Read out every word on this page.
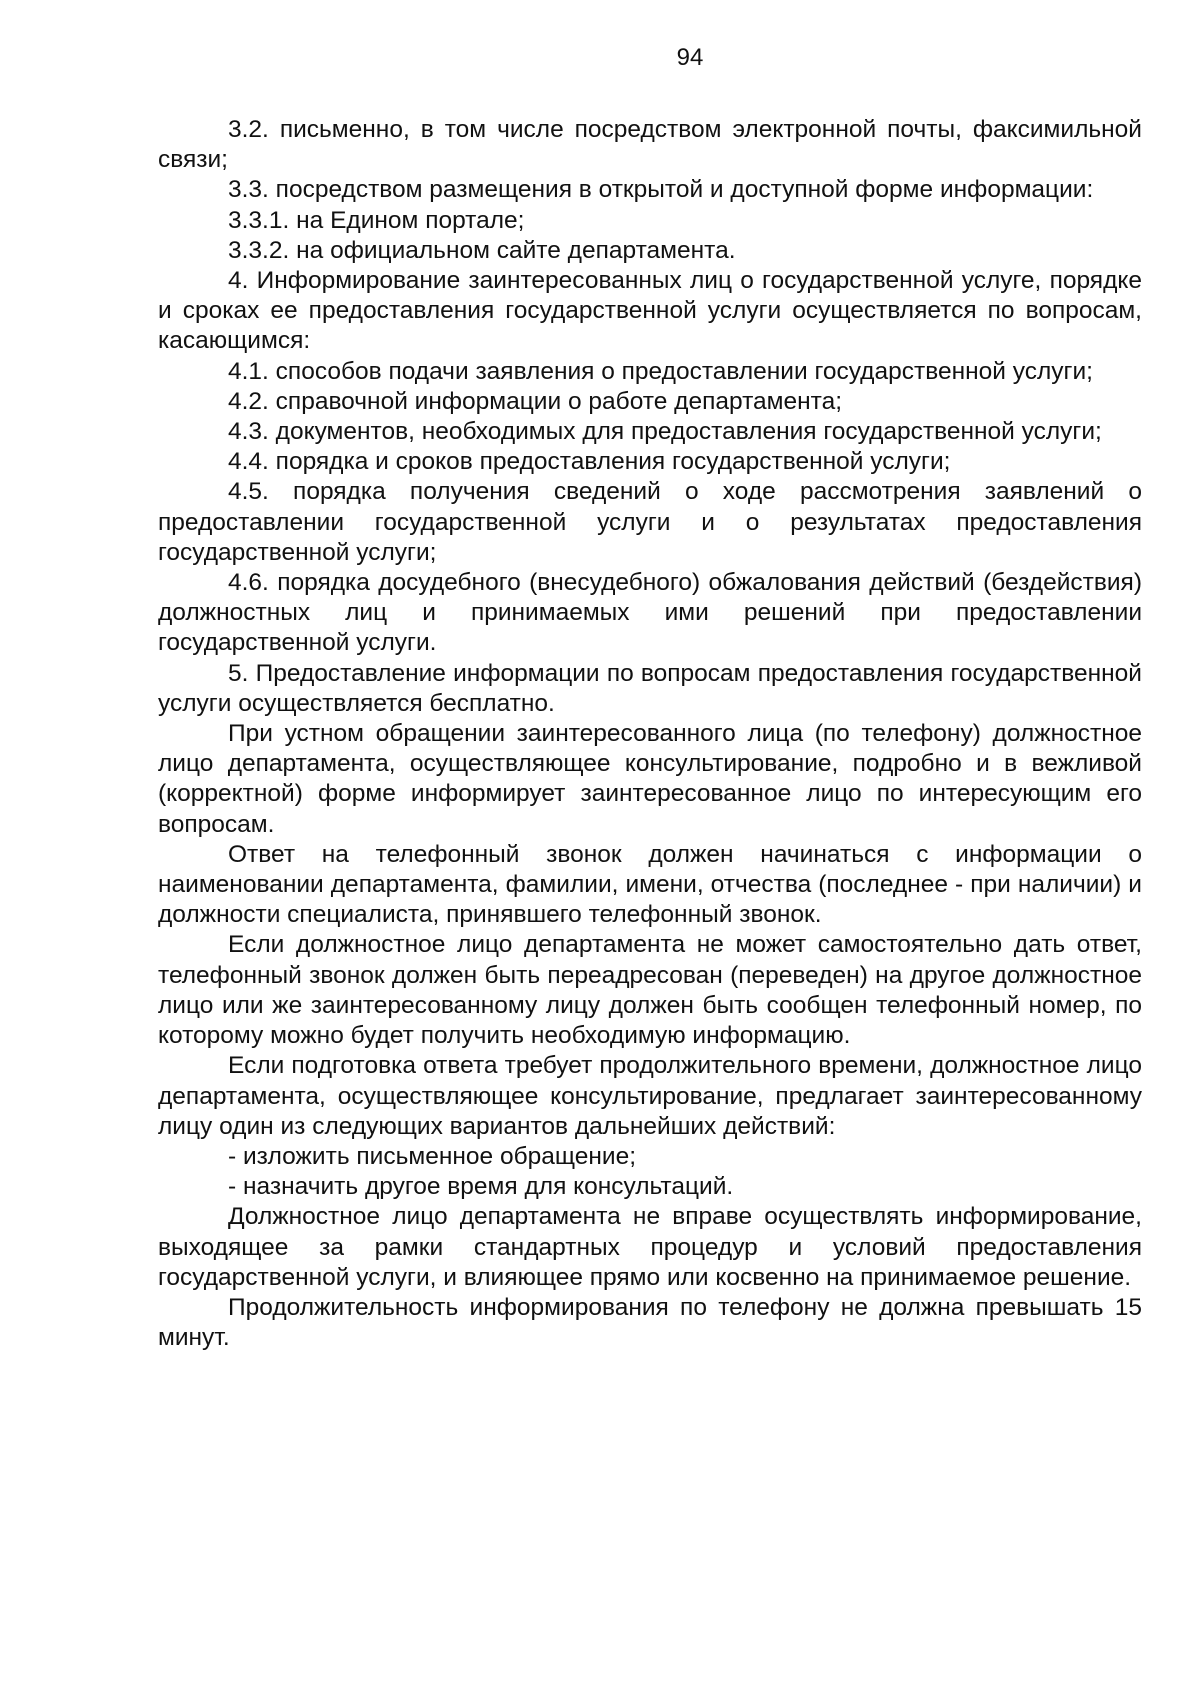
94

3.2. письменно, в том числе посредством электронной почты, факсимильной связи;

3.3. посредством размещения в открытой и доступной форме информации:

3.3.1. на Едином портале;

3.3.2. на официальном сайте департамента.

4. Информирование заинтересованных лиц о государственной услуге, порядке и сроках ее предоставления государственной услуги осуществляется по вопросам, касающимся:

4.1. способов подачи заявления о предоставлении государственной услуги;

4.2. справочной информации о работе департамента;

4.3. документов, необходимых для предоставления государственной услуги;

4.4. порядка и сроков предоставления государственной услуги;

4.5. порядка получения сведений о ходе рассмотрения заявлений о предоставлении государственной услуги и о результатах предоставления государственной услуги;

4.6. порядка досудебного (внесудебного) обжалования действий (бездействия) должностных лиц и принимаемых ими решений при предоставлении государственной услуги.

5. Предоставление информации по вопросам предоставления государственной услуги осуществляется бесплатно.

При устном обращении заинтересованного лица (по телефону) должностное лицо департамента, осуществляющее консультирование, подробно и в вежливой (корректной) форме информирует заинтересованное лицо по интересующим его вопросам.

Ответ на телефонный звонок должен начинаться с информации о наименовании департамента, фамилии, имени, отчества (последнее - при наличии) и должности специалиста, принявшего телефонный звонок.

Если должностное лицо департамента не может самостоятельно дать ответ, телефонный звонок должен быть переадресован (переведен) на другое должностное лицо или же заинтересованному лицу должен быть сообщен телефонный номер, по которому можно будет получить необходимую информацию.

Если подготовка ответа требует продолжительного времени, должностное лицо департамента, осуществляющее консультирование, предлагает заинтересованному лицу один из следующих вариантов дальнейших действий:

- изложить письменное обращение;

- назначить другое время для консультаций.

Должностное лицо департамента не вправе осуществлять информирование, выходящее за рамки стандартных процедур и условий предоставления государственной услуги, и влияющее прямо или косвенно на принимаемое решение.

Продолжительность информирования по телефону не должна превышать 15 минут.
